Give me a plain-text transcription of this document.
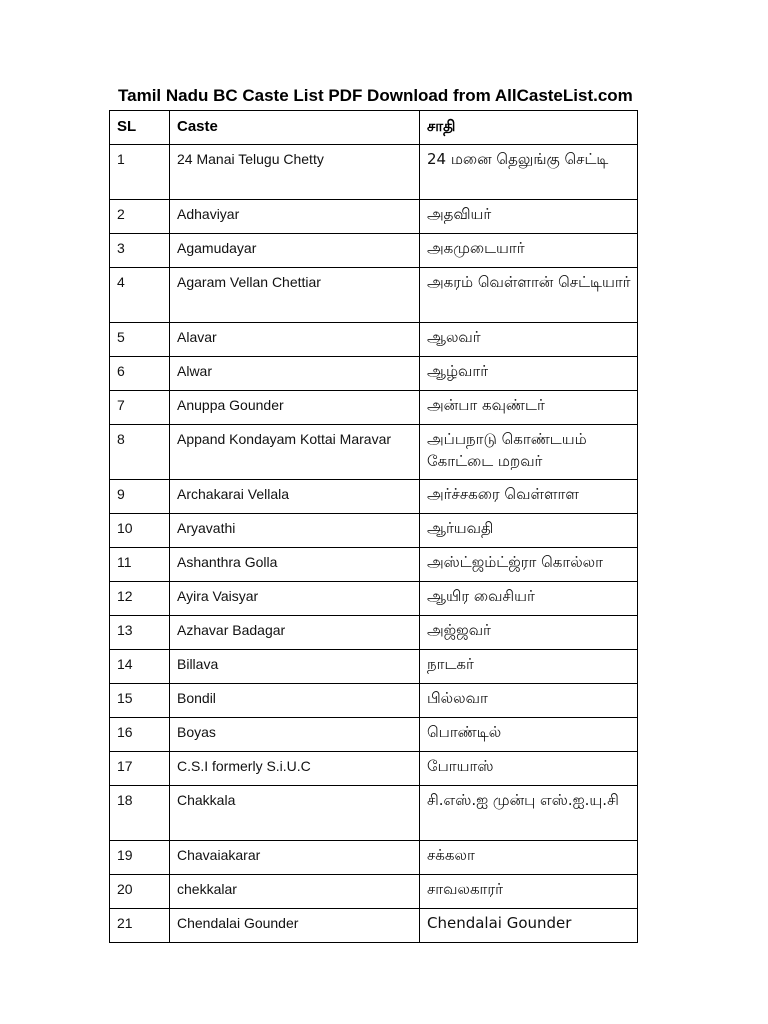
Tamil Nadu BC Caste List PDF Download from AllCasteList.com
SL	Caste	சாதி
1	24 Manai Telugu Chetty	24 மனை தெலுங்கு செட்டி
2	Adhaviyar	அதவியர்
3	Agamudayar	அகமுடையார்
4	Agaram Vellan Chettiar	அகரம் வெள்ளான் செட்டியார்
5	Alavar	ஆலவர்
6	Alwar	ஆழ்வார்
7	Anuppa Gounder	அன்பா கவுண்டர்
8	Appand Kondayam Kottai Maravar	அப்பநாடு கொண்டயம் கோட்டை மறவர்
9	Archakarai Vellala	அர்ச்சகரை வெள்ளாள
10	Aryavathi	ஆர்யவதி
11	Ashanthra Golla	அஸ்ட்ஜம்ட்ஜ்ரா கொல்லா
12	Ayira Vaisyar	ஆயிர வைசியர்
13	Azhavar Badagar	அஜ்ஜவர்
14	Billava	நாடகர்
15	Bondil	பில்லவா
16	Boyas	பொண்டில்
17	C.S.I formerly S.i.U.C	போயாஸ்
18	Chakkala	சி.எஸ்.ஐ முன்பு எஸ்.ஐ.யு.சி
19	Chavaiakarar	சக்கலா
20	chekkalar	சாவலகாரர்
21	Chendalai Gounder	Chendalai Gounder
